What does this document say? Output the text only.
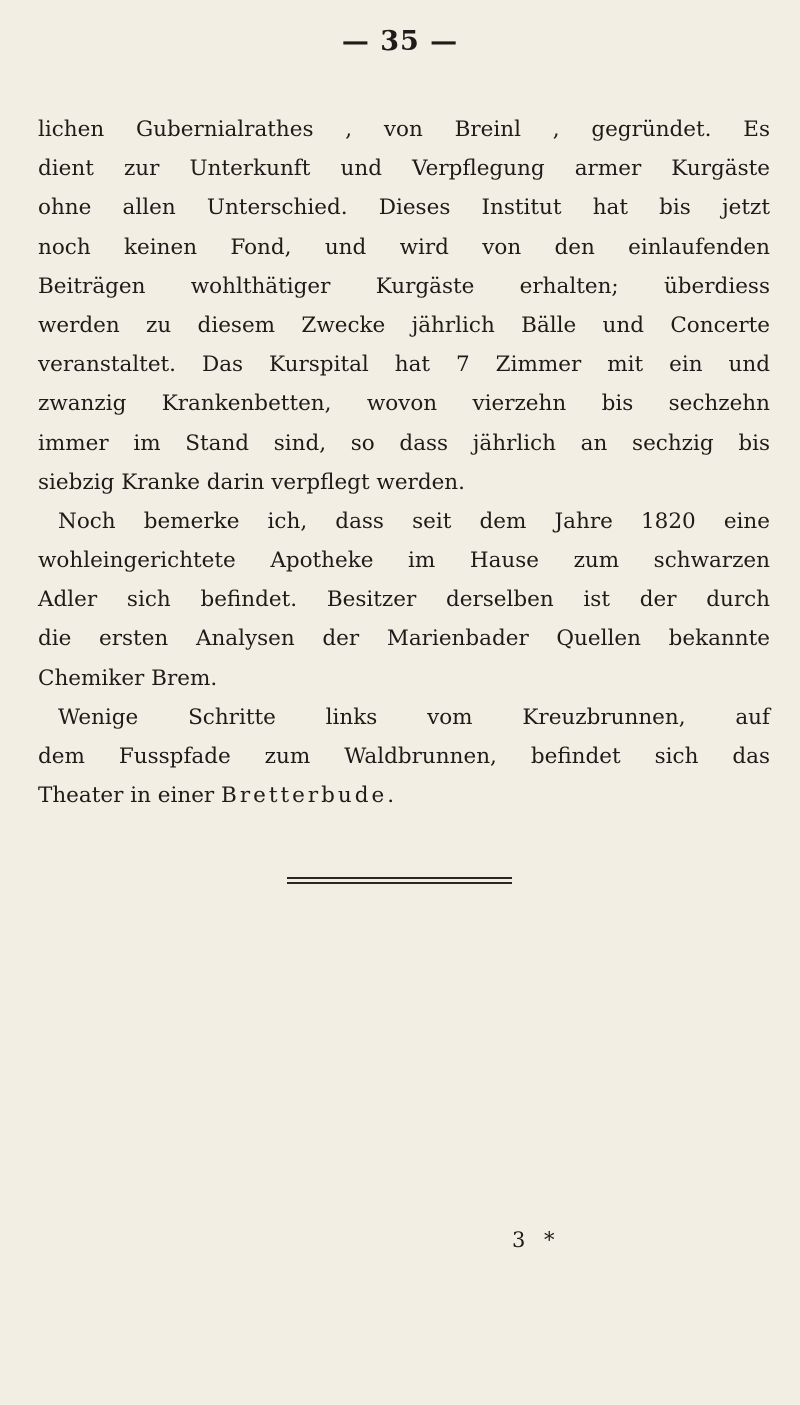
— 35 —
lichen Gubernialrathes , von Breinl , gegründet. Es
dient zur Unterkunft und Verpflegung armer Kurgäste
ohne allen Unterschied. Dieses Institut hat bis jetzt
noch keinen Fond, und wird von den einlaufenden
Beiträgen wohlthätiger Kurgäste erhalten; überdiess
werden zu diesem Zwecke jährlich Bälle und Concerte
veranstaltet. Das Kurspital hat 7 Zimmer mit ein und
zwanzig Krankenbetten, wovon vierzehn bis sechzehn
immer im Stand sind, so dass jährlich an sechzig bis
siebzig Kranke darin verpflegt werden.
Noch bemerke ich, dass seit dem Jahre 1820 eine
wohleingerichtete Apotheke im Hause zum schwarzen
Adler sich befindet. Besitzer derselben ist der durch
die ersten Analysen der Marienbader Quellen bekannte
Chemiker Brem.
Wenige Schritte links vom Kreuzbrunnen, auf
dem Fusspfade zum Waldbrunnen, befindet sich das
Theater in einer Bretterbude.
3 *
